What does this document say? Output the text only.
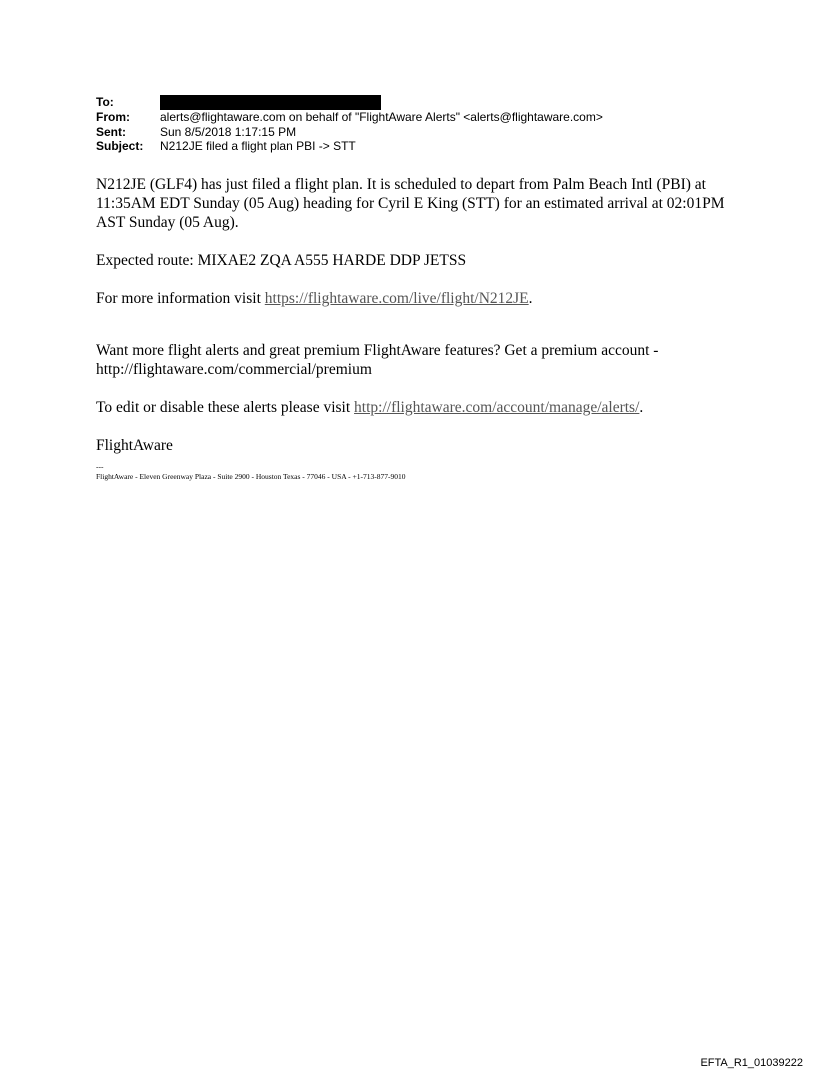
To:
From:	alerts@flightaware.com on behalf of "FlightAware Alerts" <alerts@flightaware.com>
Sent:	Sun 8/5/2018 1:17:15 PM
Subject:	N212JE filed a flight plan PBI -> STT

N212JE (GLF4) has just filed a flight plan. It is scheduled to depart from Palm Beach Intl (PBI) at 11:35AM EDT Sunday (05 Aug) heading for Cyril E King (STT) for an estimated arrival at 02:01PM AST Sunday (05 Aug).

Expected route: MIXAE2 ZQA A555 HARDE DDP JETSS

For more information visit https://flightaware.com/live/flight/N212JE.

Want more flight alerts and great premium FlightAware features? Get a premium account - http://flightaware.com/commercial/premium

To edit or disable these alerts please visit http://flightaware.com/account/manage/alerts/.

FlightAware

---
FlightAware - Eleven Greenway Plaza - Suite 2900 - Houston Texas - 77046 - USA - +1-713-877-9010
EFTA_R1_01039222
